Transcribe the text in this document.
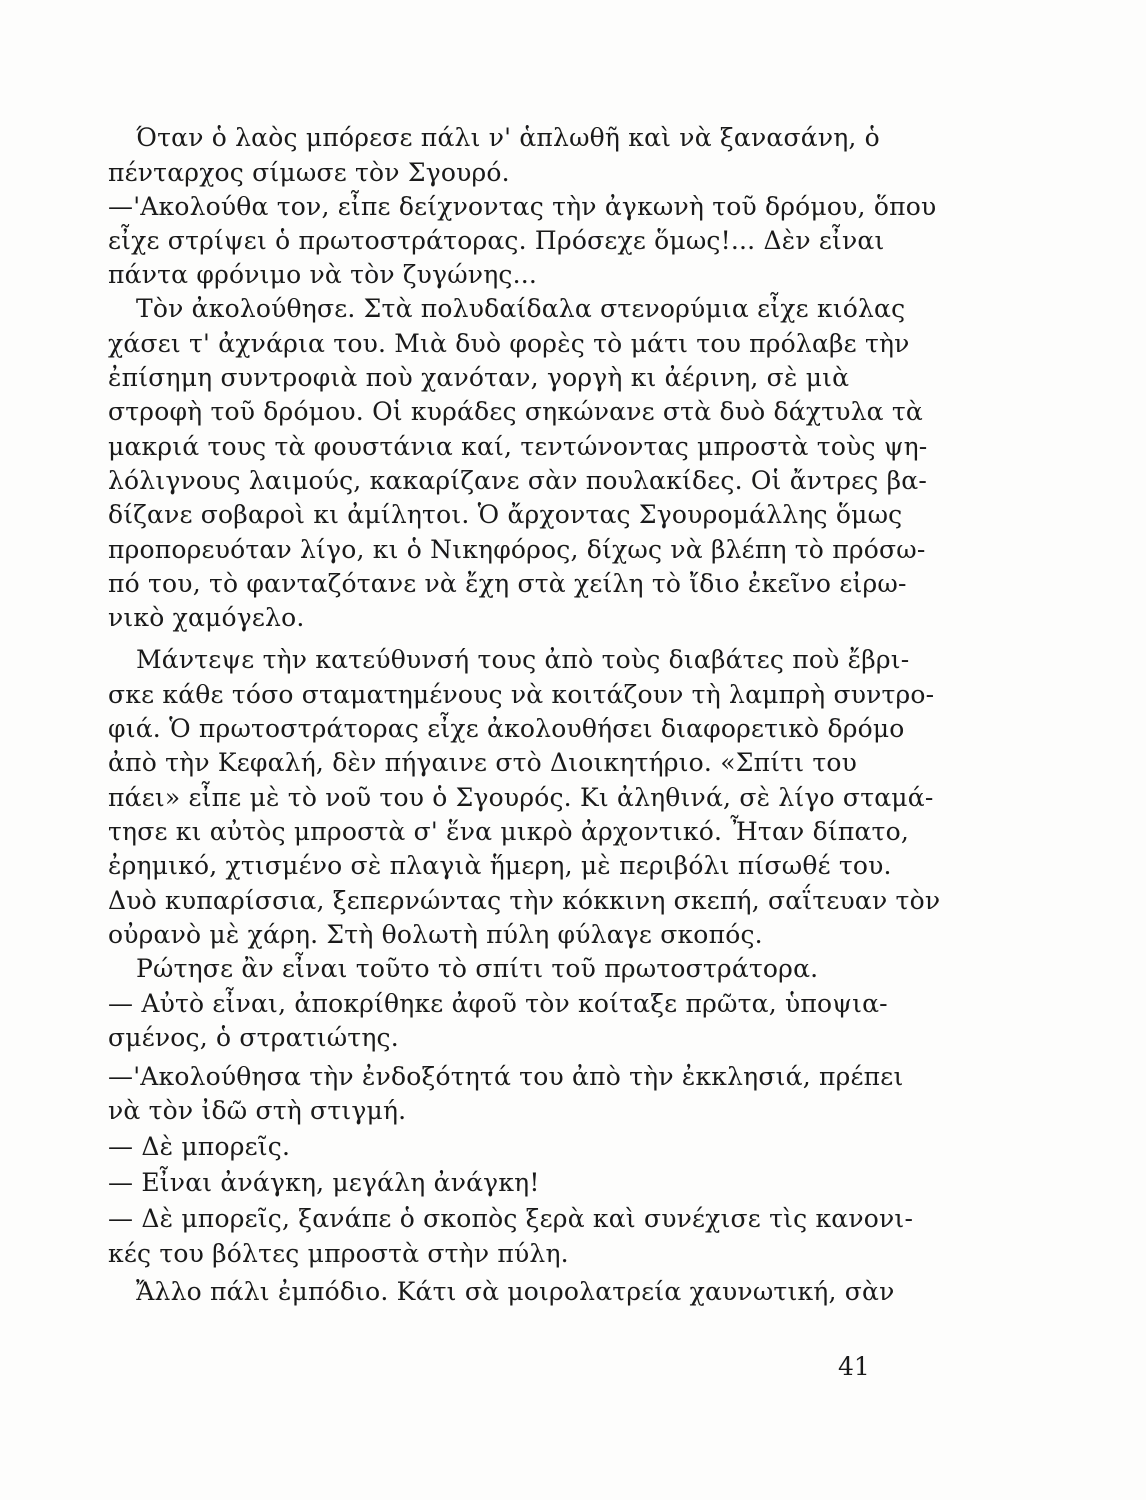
Όταν ὁ λαὸς μπόρεσε πάλι ν' ἁπλωθῆ καὶ νὰ ξανασάνη, ὁ
πένταρχος σίμωσε τὸν Σγουρό.
—'Ακολούθα τον, εἶπε δείχνοντας τὴν ἀγκωνὴ τοῦ δρόμου, ὅπου
εἶχε στρίψει ὁ πρωτοστράτορας. Πρόσεχε ὅμως!... Δὲν εἶναι
πάντα φρόνιμο νὰ τὸν ζυγώνης...
Τὸν ἀκολούθησε. Στὰ πολυδαίδαλα στενορύμια εἶχε κιόλας
χάσει τ' ἀχνάρια του. Μιὰ δυὸ φορὲς τὸ μάτι του πρόλαβε τὴν
ἐπίσημη συντροφιὰ ποὺ χανόταν, γοργὴ κι ἀέρινη, σὲ μιὰ
στροφὴ τοῦ δρόμου. Οἱ κυράδες σηκώνανε στὰ δυὸ δάχτυλα τὰ
μακριά τους τὰ φουστάνια καί, τεντώνοντας μπροστὰ τοὺς ψη-
λόλιγνους λαιμούς, κακαρίζανε σὰν πουλακίδες. Οἱ ἄντρες βα-
δίζανε σοβαροὶ κι ἀμίλητοι. Ὁ ἄρχοντας Σγουρομάλλης ὅμως
προπορευόταν λίγο, κι ὁ Νικηφόρος, δίχως νὰ βλέπη τὸ πρόσω-
πό του, τὸ φανταζότανε νὰ ἔχη στὰ χείλη τὸ ἴδιο ἐκεῖνο εἰρω-
νικὸ χαμόγελο.
Μάντεψε τὴν κατεύθυνσή τους ἀπὸ τοὺς διαβάτες ποὺ ἔβρι-
σκε κάθε τόσο σταματημένους νὰ κοιτάζουν τὴ λαμπρὴ συντρο-
φιά. Ὁ πρωτοστράτορας εἶχε ἀκολουθήσει διαφορετικὸ δρόμο
ἀπὸ τὴν Κεφαλή, δὲν πήγαινε στὸ Διοικητήριο. «Σπίτι του
πάει» εἶπε μὲ τὸ νοῦ του ὁ Σγουρός. Κι ἀληθινά, σὲ λίγο σταμά-
τησε κι αὐτὸς μπροστὰ σ' ἕνα μικρὸ ἀρχοντικό. Ἦταν δίπατο,
ἐρημικό, χτισμένο σὲ πλαγιὰ ἥμερη, μὲ περιβόλι πίσωθέ του.
Δυὸ κυπαρίσσια, ξεπερνώντας τὴν κόκκινη σκεπή, σαΐτευαν τὸν
οὐρανὸ μὲ χάρη. Στὴ θολωτὴ πύλη φύλαγε σκοπός.
Ρώτησε ἂν εἶναι τοῦτο τὸ σπίτι τοῦ πρωτοστράτορα.
— Αὐτὸ εἶναι, ἀποκρίθηκε ἀφοῦ τὸν κοίταξε πρῶτα, ὑποψια-
σμένος, ὁ στρατιώτης.
—'Ακολούθησα τὴν ἐνδοξότητά του ἀπὸ τὴν ἐκκλησιά, πρέπει
νὰ τὸν ἰδῶ στὴ στιγμή.
— Δὲ μπορεῖς.
— Εἶναι ἀνάγκη, μεγάλη ἀνάγκη!
— Δὲ μπορεῖς, ξανάπε ὁ σκοπὸς ξερὰ καὶ συνέχισε τὶς κανονι-
κές του βόλτες μπροστὰ στὴν πύλη.
Ἄλλο πάλι ἐμπόδιο. Κάτι σὰ μοιρολατρεία χαυνωτική, σὰν
41
